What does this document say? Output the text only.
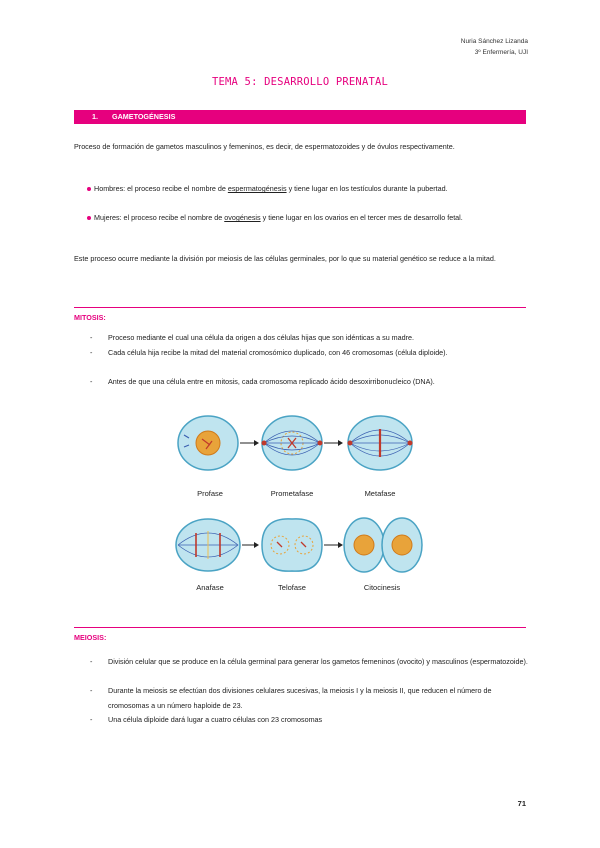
Nuria Sánchez Lizanda
3º Enfermería, UJI
TEMA 5: DESARROLLO PRENATAL
1. GAMETOGÉNESIS
Proceso de formación de gametos masculinos y femeninos, es decir, de espermatozoides y de óvulos respectivamente.
Hombres: el proceso recibe el nombre de espermatogénesis y tiene lugar en los testículos durante la pubertad.
Mujeres: el proceso recibe el nombre de ovogénesis y tiene lugar en los ovarios en el tercer mes de desarrollo fetal.
Este proceso ocurre mediante la división por meiosis de las células germinales, por lo que su material genético se reduce a la mitad.
MITOSIS:
- Proceso mediante el cual una célula da origen a dos células hijas que son idénticas a su madre.
- Cada célula hija recibe la mitad del material cromosómico duplicado, con 46 cromosomas (célula diploide).
- Antes de que una célula entre en mitosis, cada cromosoma replicado ácido desoxirribonucleico (DNA).
Profase	Prometafase	Metafase
Anafase	Telofase	Citocinesis
MEIOSIS:
- División celular que se produce en la célula germinal para generar los gametos femeninos (ovocito) y masculinos (espermatozoide).
- Durante la meiosis se efectúan dos divisiones celulares sucesivas, la meiosis I y la meiosis II, que reducen el número de cromosomas a un número haploide de 23.
- Una célula diploide dará lugar a cuatro células con 23 cromosomas
71
